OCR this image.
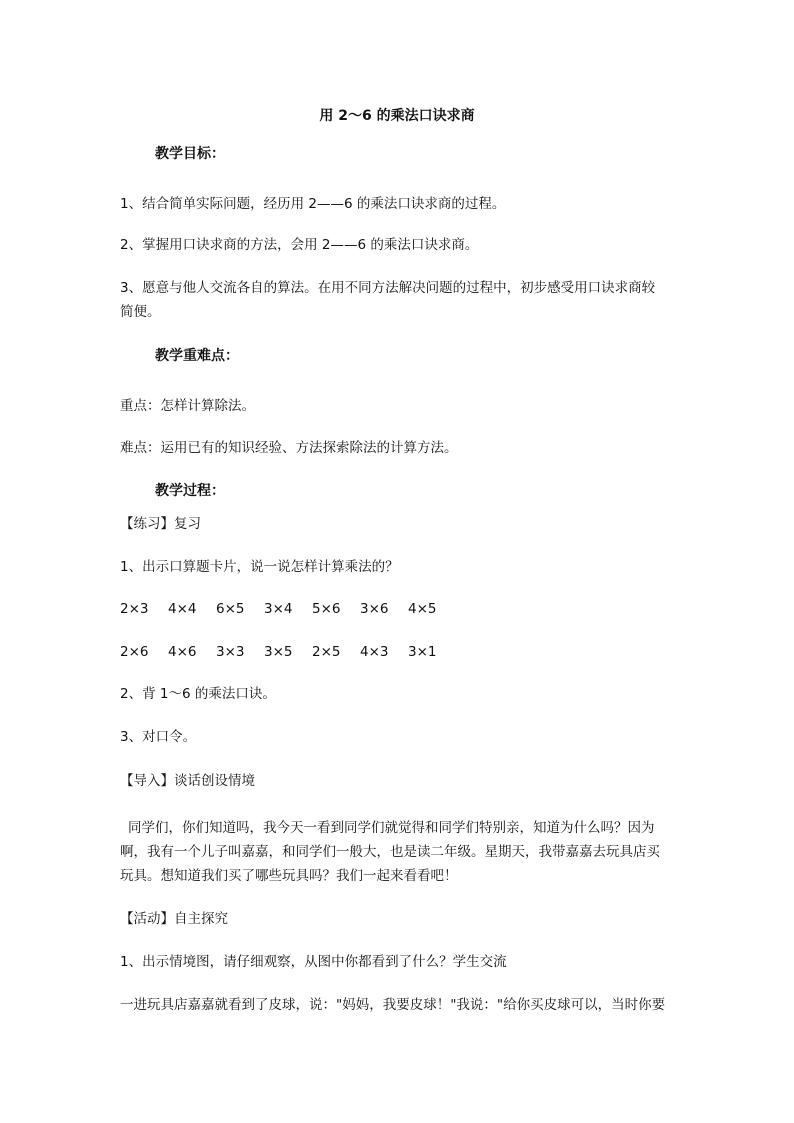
用 2～6 的乘法口诀求商
教学目标：
1、结合简单实际问题，经历用 2——6 的乘法口诀求商的过程。
2、掌握用口诀求商的方法，会用 2——6 的乘法口诀求商。
3、愿意与他人交流各自的算法。在用不同方法解决问题的过程中，初步感受用口诀求商较
简便。
教学重难点：
重点：怎样计算除法。
难点：运用已有的知识经验、方法探索除法的计算方法。
教学过程：
【练习】复习
1、出示口算题卡片，说一说怎样计算乘法的？
2×3 4×4 6×5 3×4 5×6 3×6 4×5
2×6 4×6 3×3 3×5 2×5 4×3 3×1
2、背 1～6 的乘法口诀。
3、对口令。
【导入】谈话创设情境
同学们，你们知道吗，我今天一看到同学们就觉得和同学们特别亲，知道为什么吗？因为
啊，我有一个儿子叫嘉嘉，和同学们一般大，也是读二年级。星期天，我带嘉嘉去玩具店买
玩具。想知道我们买了哪些玩具吗？我们一起来看看吧！
【活动】自主探究
1、出示情境图，请仔细观察，从图中你都看到了什么？学生交流
一进玩具店嘉嘉就看到了皮球，说："妈妈，我要皮球！"我说："给你买皮球可以，当时你要
